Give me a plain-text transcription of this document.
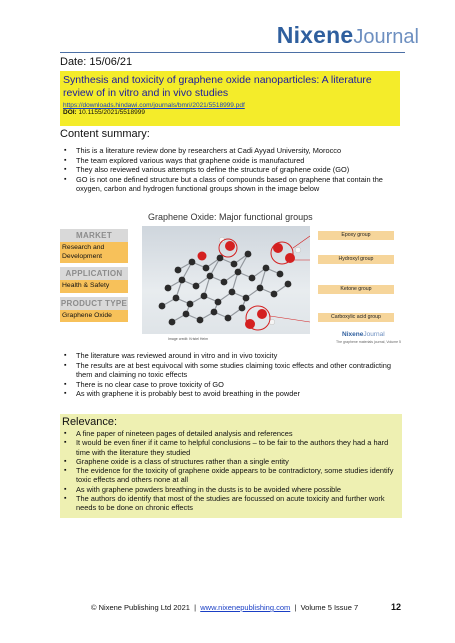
NixeneJournal
Date: 15/06/21
Synthesis and toxicity of graphene oxide nanoparticles: A literature review of in vitro and in vivo studies
https://downloads.hindawi.com/journals/bmri/2021/5518999.pdf
DOI: 10.1155/2021/5518999
Content summary:
▪ This is a literature review done by researchers at Cadi Ayyad University, Morocco
▪ The team explored various ways that graphene oxide is manufactured
▪ They also reviewed various attempts to define the structure of graphene oxide (GO)
▪ GO is not one defined structure but a class of compounds based on graphene that contain the oxygen, carbon and hydrogen functional groups shown in the image below
MARKET
Research and Development
APPLICATION
Health & Safety
PRODUCT TYPE
Graphene Oxide
Graphene Oxide: Major functional groups
Epoxy group
Hydroxyl group
Ketone group
Carboxylic acid group
Image credit: Kristel Heim
NixeneJournal
The graphene materials journal, Volume 5
▪ The literature was reviewed around in vitro and in vivo toxicity
▪ The results are at best equivocal with some studies claiming toxic effects and other contradicting them and claiming no toxic effects
▪ There is no clear case to prove toxicity of GO
▪ As with graphene it is probably best to avoid breathing in the powder
Relevance:
▪ A fine paper of nineteen pages of detailed analysis and references
▪ It would be even finer if it came to helpful conclusions – to be fair to the authors they had a hard time with the literature they studied
▪ Graphene oxide is a class of structures rather than a single entity
▪ The evidence for the toxicity of graphene oxide appears to be contradictory, some studies identify toxic effects and others none at all
▪ As with graphene powders breathing in the dusts is to be avoided where possible
▪ The authors do identify that most of the studies are focussed on acute toxicity and further work needs to be done on chronic effects
© Nixene Publishing Ltd 2021 | www.nixenepublishing.com | Volume 5 Issue 7	12
